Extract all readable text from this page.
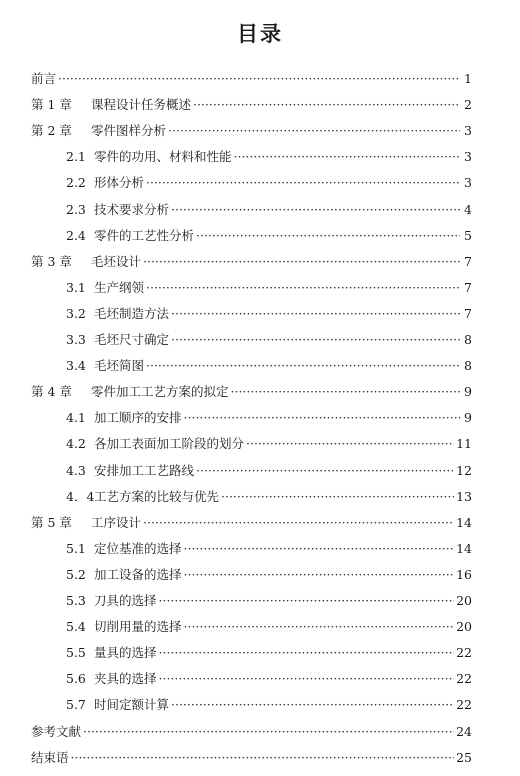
目录
前言 ·····	1
第 1 章 课程设计任务概述 ·····	2
第 2 章 零件图样分析 ·····	3
2.1 零件的功用、材料和性能 ·····	3
2.2 形体分析 ·····	3
2.3 技术要求分析 ·····	4
2.4 零件的工艺性分析 ·····	5
第 3 章 毛坯设计 ·····	7
3.1 生产纲领 ·····	7
3.2 毛坯制造方法 ·····	7
3.3 毛坯尺寸确定 ·····	8
3.4 毛坯简图 ·····	8
第 4 章 零件加工工艺方案的拟定 ·····	9
4.1 加工顺序的安排 ·····	9
4.2 各加工表面加工阶段的划分 ·····	11
4.3 安排加工工艺路线 ·····	12
4．4工艺方案的比较与优先 ·····	13
第 5 章 工序设计 ·····	14
5.1 定位基准的选择 ·····	14
5.2 加工设备的选择 ·····	16
5.3 刀具的选择 ·····	20
5.4 切削用量的选择 ·····	20
5.5 量具的选择 ·····	22
5.6 夹具的选择 ·····	22
5.7 时间定额计算 ·····	22
参考文献 ·····	24
结束语 ·····	25
